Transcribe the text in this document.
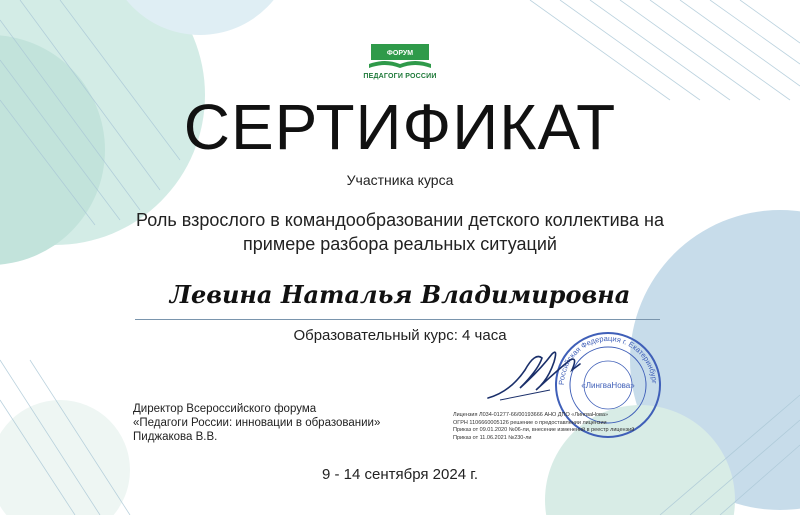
ФОРУМ
ПЕДАГОГИ РОССИИ
СЕРТИФИКАТ
Участника курса
Роль взрослого в командообразовании детского коллектива на примере разбора реальных ситуаций
Левина Наталья Владимировна
Образовательный курс: 4 часа
Директор Всероссийского форума
«Педагоги России: инновации в образовании»
Пиджакова В.В.
Российская Федерация г. Екатеринбург
«ЛингваНова»
Лицензия Л034-01277-66/00193666 АНО ДПО «ЛингваНова»
ОГРН 1106660005126 решение о предоставлении лицензии
Приказ от 09.01.2020 №06-ли, внесение изменений в реестр лицензий
Приказ от 11.06.2021 №230-ли
9 - 14 сентября 2024 г.
